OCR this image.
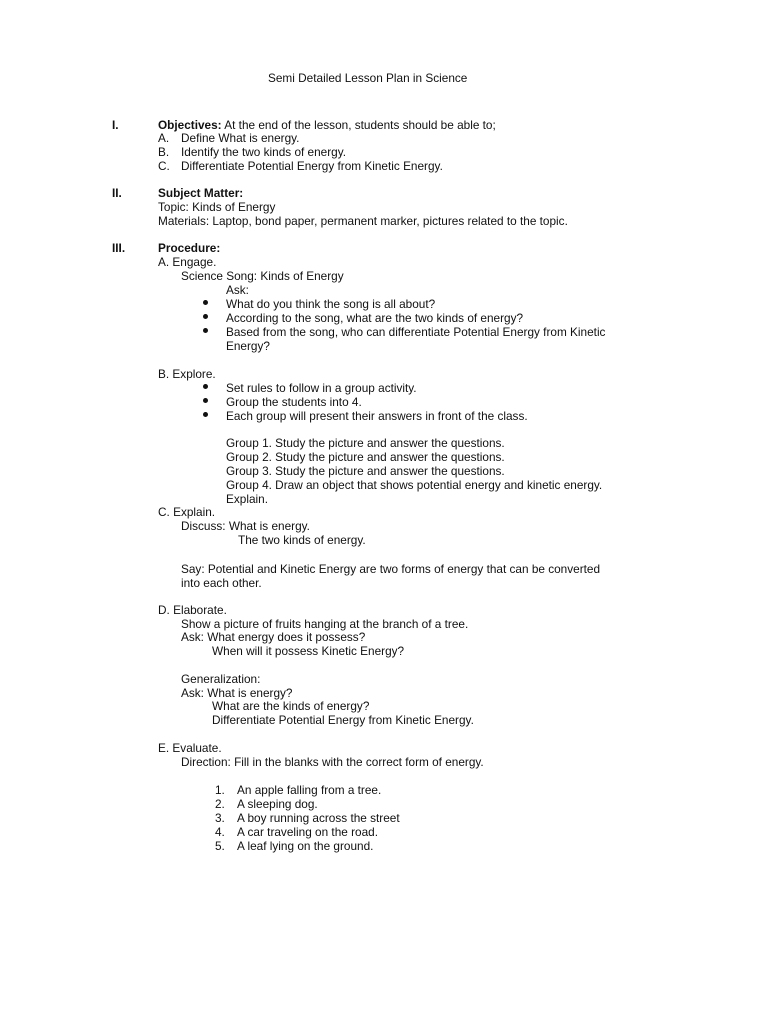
Semi Detailed Lesson Plan in Science
I.	Objectives: At the end of the lesson, students should be able to;
A. Define What is energy.
B. Identify the two kinds of energy.
C. Differentiate Potential Energy from Kinetic Energy.
II.	Subject Matter:
Topic: Kinds of Energy
Materials: Laptop, bond paper, permanent marker, pictures related to the topic.
III.	Procedure:
A. Engage.
Science Song: Kinds of Energy
Ask:
What do you think the song is all about?
According to the song, what are the two kinds of energy?
Based from the song, who can differentiate Potential Energy from Kinetic
Energy?
B. Explore.
Set rules to follow in a group activity.
Group the students into 4.
Each group will present their answers in front of the class.
Group 1. Study the picture and answer the questions.
Group 2. Study the picture and answer the questions.
Group 3. Study the picture and answer the questions.
Group 4. Draw an object that shows potential energy and kinetic energy.
Explain.
C. Explain.
Discuss: What is energy.
The two kinds of energy.
Say: Potential and Kinetic Energy are two forms of energy that can be converted
into each other.
D. Elaborate.
Show a picture of fruits hanging at the branch of a tree.
Ask: What energy does it possess?
When will it possess Kinetic Energy?
Generalization:
Ask: What is energy?
What are the kinds of energy?
Differentiate Potential Energy from Kinetic Energy.
E. Evaluate.
Direction: Fill in the blanks with the correct form of energy.
1. An apple falling from a tree.
2. A sleeping dog.
3. A boy running across the street
4. A car traveling on the road.
5. A leaf lying on the ground.
